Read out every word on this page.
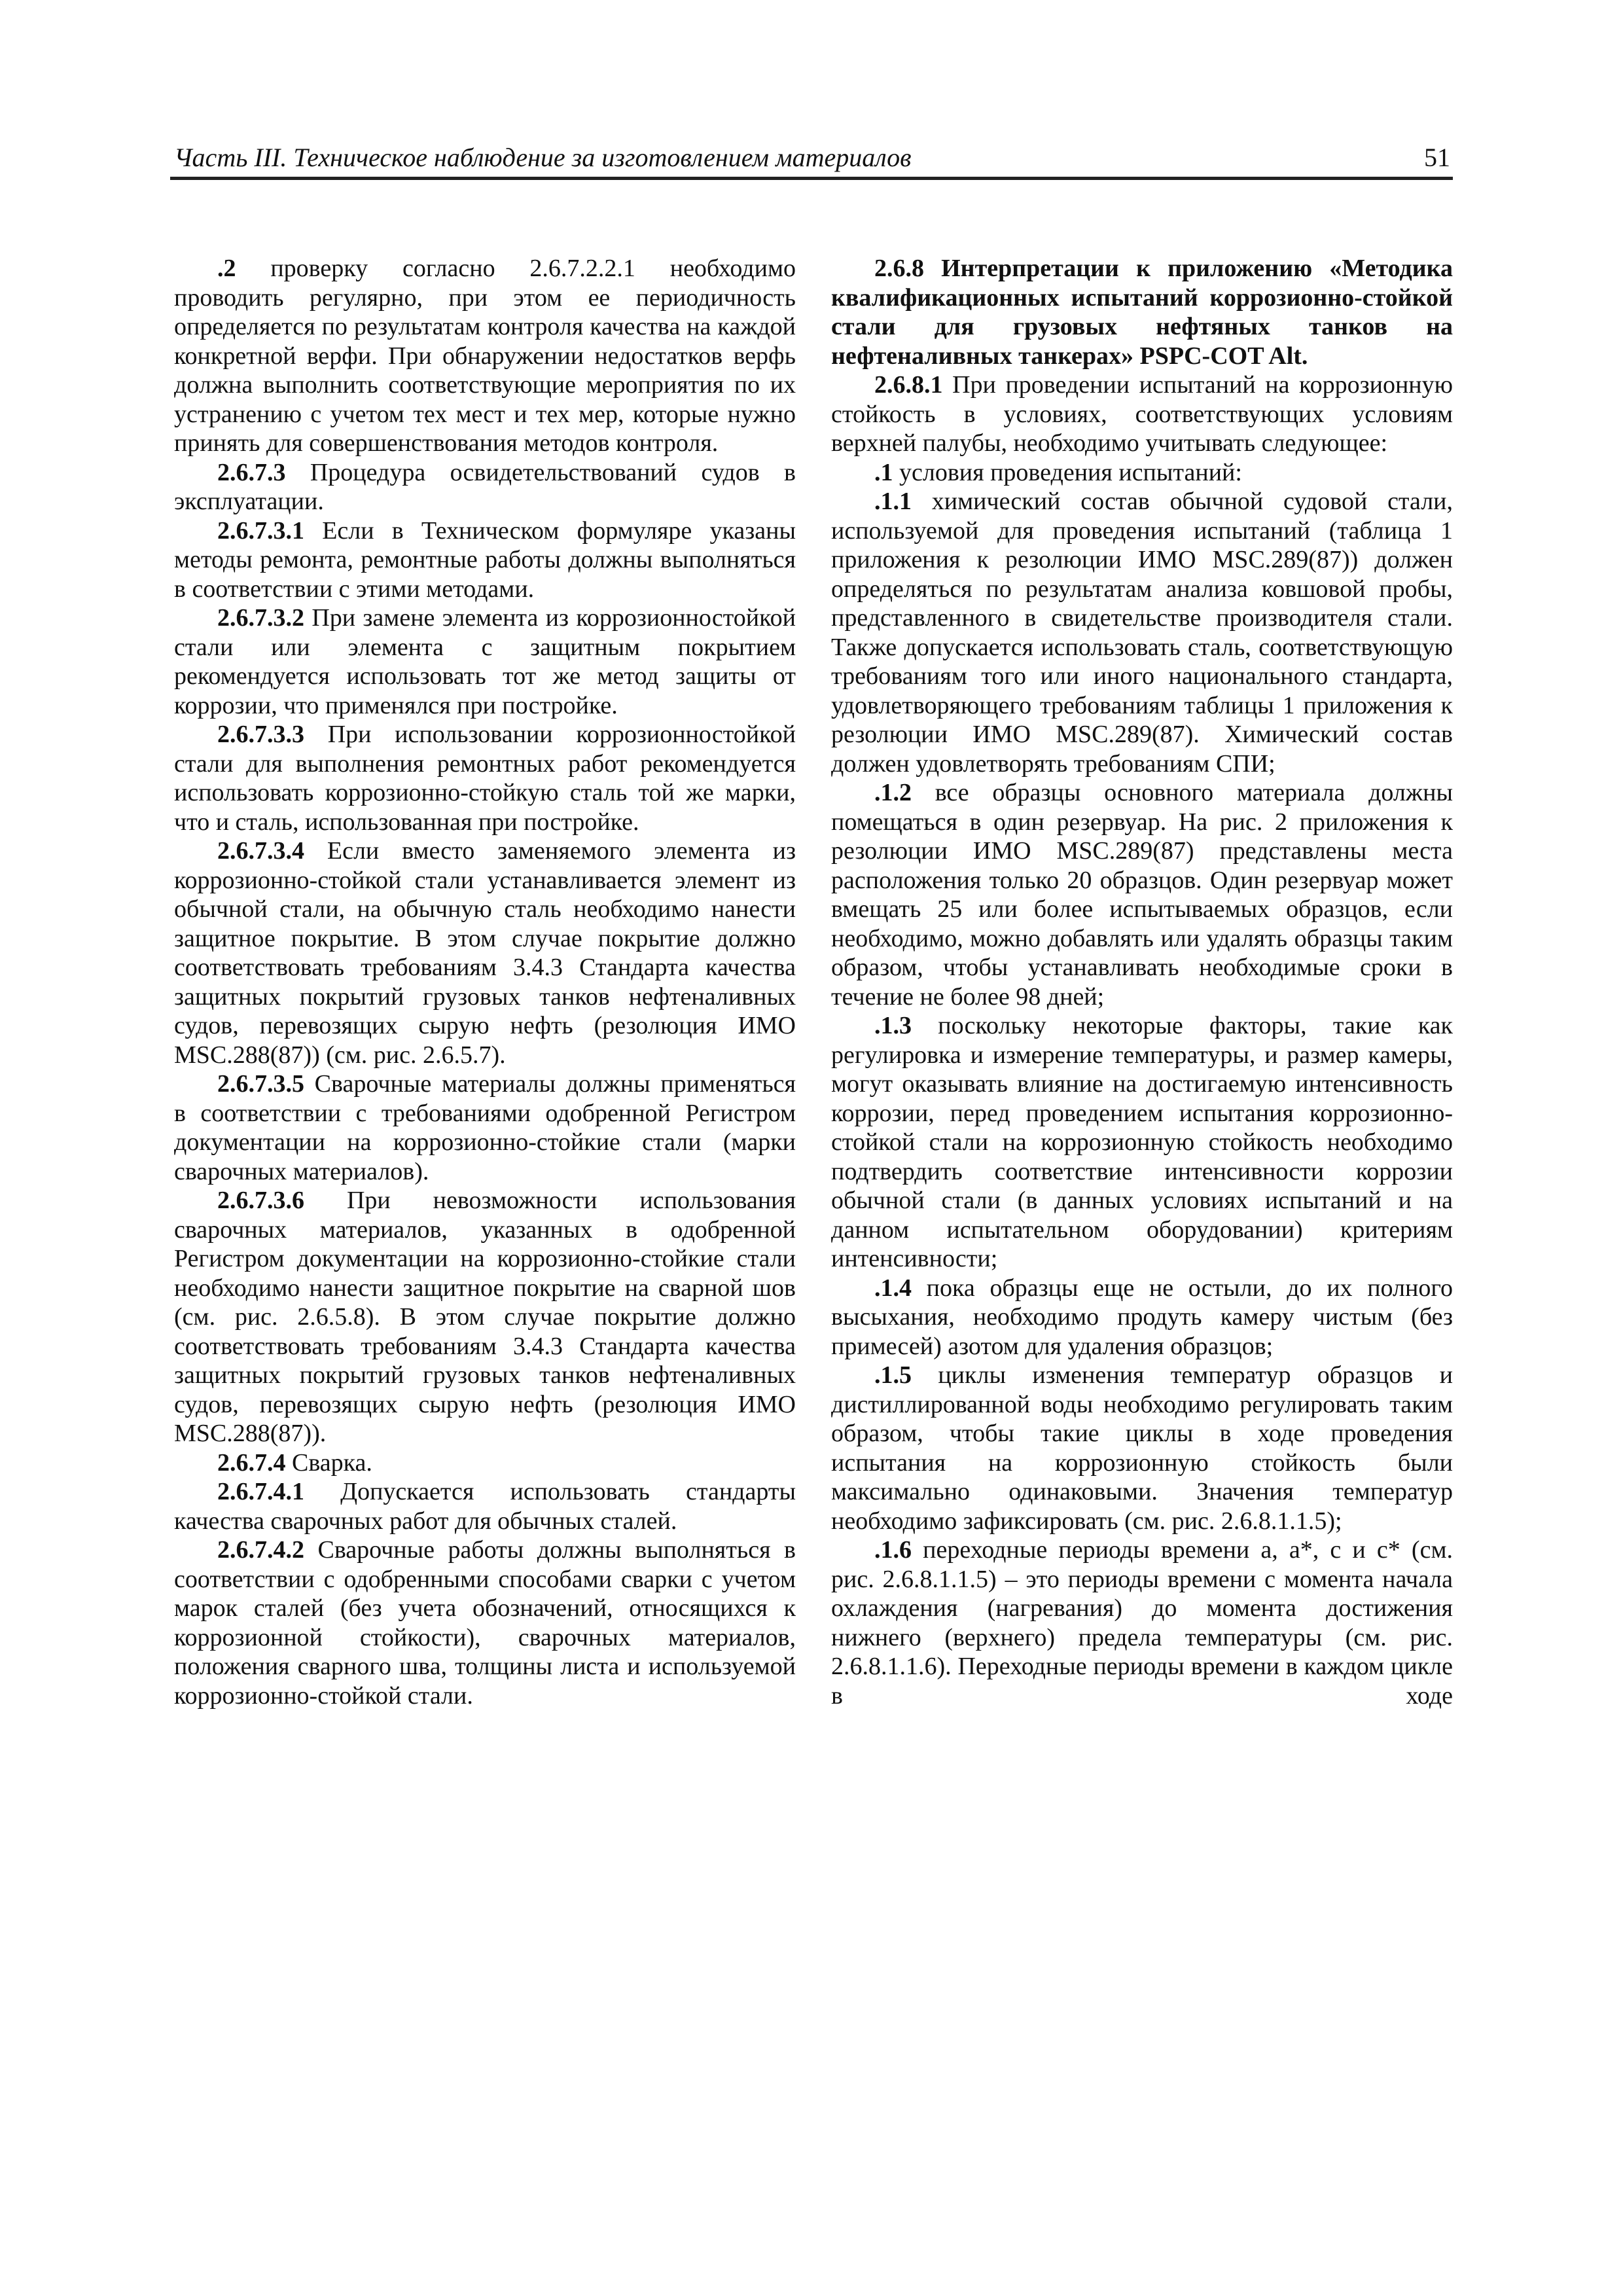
Часть III. Техническое наблюдение за изготовлением материалов	51

.2 проверку согласно 2.6.7.2.2.1 необходимо проводить регулярно, при этом ее периодичность определяется по результатам контроля качества на каждой конкретной верфи. При обнаружении недостатков верфь должна выполнить соответствующие мероприятия по их устранению с учетом тех мест и тех мер, которые нужно принять для совершенствования методов контроля.

2.6.7.3 Процедура освидетельствований судов в эксплуатации.

2.6.7.3.1 Если в Техническом формуляре указаны методы ремонта, ремонтные работы должны выполняться в соответствии с этими методами.

2.6.7.3.2 При замене элемента из коррозионностойкой стали или элемента с защитным покрытием рекомендуется использовать тот же метод защиты от коррозии, что применялся при постройке.

2.6.7.3.3 При использовании коррозионностойкой стали для выполнения ремонтных работ рекомендуется использовать коррозионно-стойкую сталь той же марки, что и сталь, использованная при постройке.

2.6.7.3.4 Если вместо заменяемого элемента из коррозионно-стойкой стали устанавливается элемент из обычной стали, на обычную сталь необходимо нанести защитное покрытие. В этом случае покрытие должно соответствовать требованиям 3.4.3 Стандарта качества защитных покрытий грузовых танков нефтеналивных судов, перевозящих сырую нефть (резолюция ИМО MSC.288(87)) (см. рис. 2.6.5.7).

2.6.7.3.5 Сварочные материалы должны применяться в соответствии с требованиями одобренной Регистром документации на коррозионно-стойкие стали (марки сварочных материалов).

2.6.7.3.6 При невозможности использования сварочных материалов, указанных в одобренной Регистром документации на коррозионно-стойкие стали необходимо нанести защитное покрытие на сварной шов (см. рис. 2.6.5.8). В этом случае покрытие должно соответствовать требованиям 3.4.3 Стандарта качества защитных покрытий грузовых танков нефтеналивных судов, перевозящих сырую нефть (резолюция ИМО MSC.288(87)).

2.6.7.4 Сварка.

2.6.7.4.1 Допускается использовать стандарты качества сварочных работ для обычных сталей.

2.6.7.4.2 Сварочные работы должны выполняться в соответствии с одобренными способами сварки с учетом марок сталей (без учета обозначений, относящихся к коррозионной стойкости), сварочных материалов, положения сварного шва, толщины листа и используемой коррозионно-стойкой стали.

2.6.8 Интерпретации к приложению «Методика квалификационных испытаний коррозионно-стойкой стали для грузовых нефтяных танков на нефтеналивных танкерах» PSPC-COT Alt.

2.6.8.1 При проведении испытаний на коррозионную стойкость в условиях, соответствующих условиям верхней палубы, необходимо учитывать следующее:

.1 условия проведения испытаний:

.1.1 химический состав обычной судовой стали, используемой для проведения испытаний (таблица 1 приложения к резолюции ИМО MSC.289(87)) должен определяться по результатам анализа ковшовой пробы, представленного в свидетельстве производителя стали. Также допускается использовать сталь, соответствующую требованиям того или иного национального стандарта, удовлетворяющего требованиям таблицы 1 приложения к резолюции ИМО MSC.289(87). Химический состав должен удовлетворять требованиям СПИ;

.1.2 все образцы основного материала должны помещаться в один резервуар. На рис. 2 приложения к резолюции ИМО MSC.289(87) представлены места расположения только 20 образцов. Один резервуар может вмещать 25 или более испытываемых образцов, если необходимо, можно добавлять или удалять образцы таким образом, чтобы устанавливать необходимые сроки в течение не более 98 дней;

.1.3 поскольку некоторые факторы, такие как регулировка и измерение температуры, и размер камеры, могут оказывать влияние на достигаемую интенсивность коррозии, перед проведением испытания коррозионно-стойкой стали на коррозионную стойкость необходимо подтвердить соответствие интенсивности коррозии обычной стали (в данных условиях испытаний и на данном испытательном оборудовании) критериям интенсивности;

.1.4 пока образцы еще не остыли, до их полного высыхания, необходимо продуть камеру чистым (без примесей) азотом для удаления образцов;

.1.5 циклы изменения температур образцов и дистиллированной воды необходимо регулировать таким образом, чтобы такие циклы в ходе проведения испытания на коррозионную стойкость были максимально одинаковыми. Значения температур необходимо зафиксировать (см. рис. 2.6.8.1.1.5);

.1.6 переходные периоды времени a, a*, c и c* (см. рис. 2.6.8.1.1.5) – это периоды времени с момента начала охлаждения (нагревания) до момента достижения нижнего (верхнего) предела температуры (см. рис. 2.6.8.1.1.6). Переходные периоды времени в каждом цикле в ходе
